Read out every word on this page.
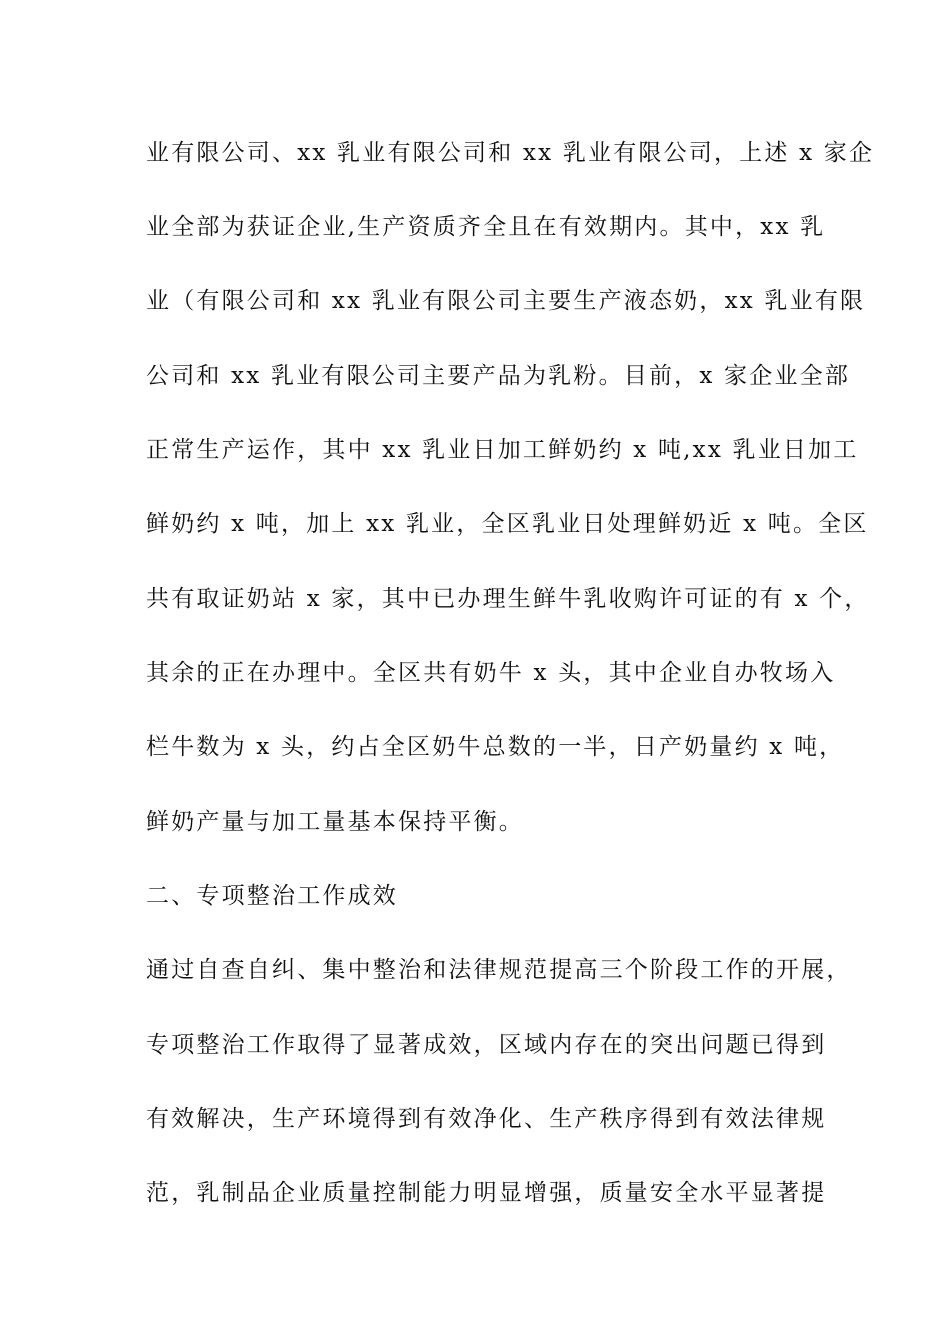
业有限公司、xx 乳业有限公司和 xx 乳业有限公司，上述 x 家企
业全部为获证企业,生产资质齐全且在有效期内。其中，xx 乳
业（有限公司和 xx 乳业有限公司主要生产液态奶，xx 乳业有限
公司和 xx 乳业有限公司主要产品为乳粉。目前，x 家企业全部
正常生产运作，其中 xx 乳业日加工鲜奶约 x 吨,xx 乳业日加工
鲜奶约 x 吨，加上 xx 乳业，全区乳业日处理鲜奶近 x 吨。全区
共有取证奶站 x 家，其中已办理生鲜牛乳收购许可证的有 x 个，
其余的正在办理中。全区共有奶牛 x 头，其中企业自办牧场入
栏牛数为 x 头，约占全区奶牛总数的一半，日产奶量约 x 吨，
鲜奶产量与加工量基本保持平衡。
二、专项整治工作成效
通过自查自纠、集中整治和法律规范提高三个阶段工作的开展，
专项整治工作取得了显著成效，区域内存在的突出问题已得到
有效解决，生产环境得到有效净化、生产秩序得到有效法律规
范，乳制品企业质量控制能力明显增强，质量安全水平显著提
